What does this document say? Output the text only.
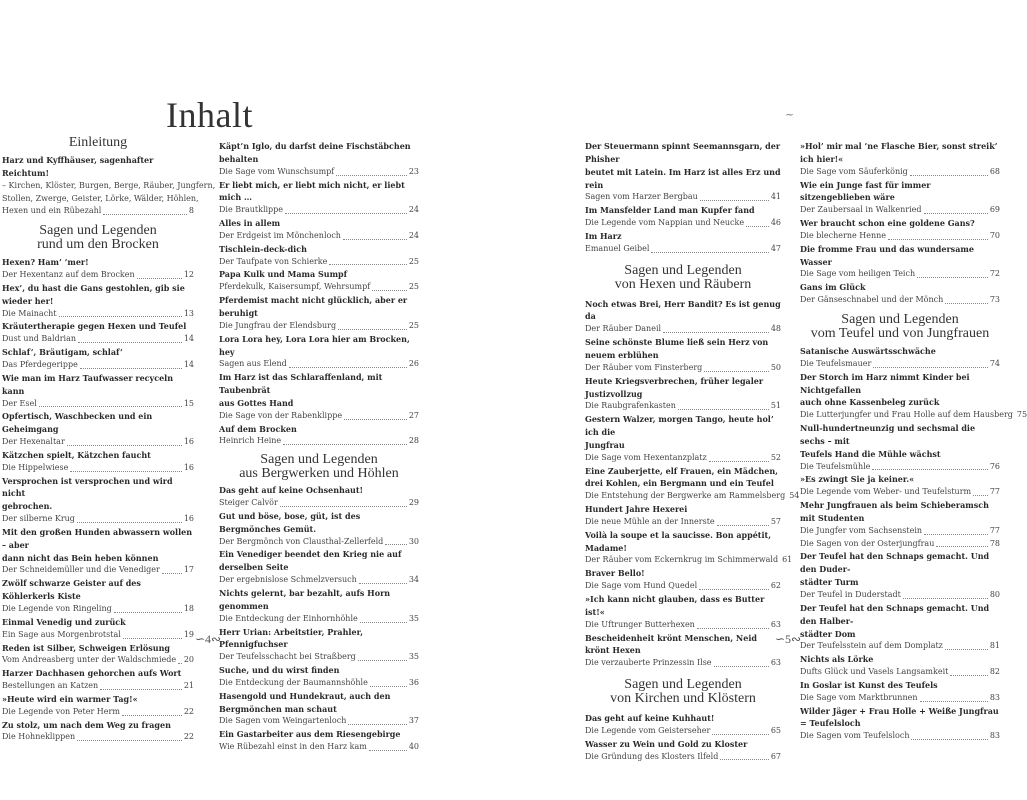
Inhalt	~
Einleitung
Harz und Kyffhäuser, sagenhafter Reichtum!
– Kirchen, Klöster, Burgen, Berge, Räuber, Jungfern,
Stollen, Zwerge, Geister, Lörke, Wälder, Höhlen,
Hexen und ein Rübezahl	8
Sagen und Legenden
rund um den Brocken
Hexen? Ham’ ’mer!
Der Hexentanz auf dem Brocken	12
Hex’, du hast die Gans gestohlen, gib sie wieder her!
Die Mainacht	13
Kräutertherapie gegen Hexen und Teufel
Dust und Baldrian	14
Schlaf’, Bräutigam, schlaf’
Das Pferdegerippe	14
Wie man im Harz Taufwasser recyceln kann
Der Esel	15
Opfertisch, Waschbecken und ein Geheimgang
Der Hexenaltar	16
Kätzchen spielt, Kätzchen faucht
Die Hippelwiese	16
Versprochen ist versprochen und wird nicht
gebrochen.
Der silberne Krug	16
Mit den großen Hunden abwassern wollen – aber
dann nicht das Bein heben können
Der Schneidemüller und die Venediger	17
Zwölf schwarze Geister auf des Köhlerkerls Kiste
Die Legende von Ringeling	18
Einmal Venedig und zurück
Ein Sage aus Morgenbrotstal	19
Reden ist Silber, Schweigen Erlösung
Vom Andreasberg unter der Waldschmiede 20
Harzer Dachhasen gehorchen aufs Wort
Bestellungen an Katzen	21
»Heute wird ein warmer Tag!«
Die Legende von Peter Herm	22
Zu stolz, um nach dem Weg zu fragen
Die Hohneklippen	22
Käpt’n Iglo, du darfst deine Fischstäbchen behalten
Die Sage vom Wunschsumpf	23
Er liebt mich, er liebt mich nicht, er liebt mich …
Die Brautklippe	24
Alles in allem
Der Erdgeist im Mönchenloch	24
Tischlein-deck-dich
Der Taufpate von Schierke	25
Papa Kulk und Mama Sumpf
Pferdekulk, Kaisersumpf, Wehrsumpf	25
Pferdemist macht nicht glücklich, aber er beruhigt
Die Jungfrau der Elendsburg	25
Lora Lora hey, Lora Lora hier am Brocken, hey
Sagen aus Elend	26
Im Harz ist das Schlaraffenland, mit Taubenbrät
aus Gottes Hand
Die Sage von der Rabenklippe	27
Auf dem Brocken
Heinrich Heine	28
Sagen und Legenden
aus Bergwerken und Höhlen
Das geht auf keine Ochsenhaut!
Steiger Calvör	29
Gut und böse, bose, güt, ist des Bergmönches Gemüt.
Der Bergmönch von Clausthal-Zellerfeld	30
Ein Venediger beendet den Krieg nie auf
derselben Seite
Der ergebnislose Schmelzversuch	34
Nichts gelernt, bar bezahlt, aufs Horn genommen
Die Entdeckung der Einhornhöhle	35
Herr Urian: Arbeitstier, Prahler, Pfennigfuchser
Der Teufelsschacht bei Straßberg	35
Suche, und du wirst finden
Die Entdeckung der Baumannshöhle	36
Hasengold und Hundekraut, auch den
Bergmönchen man schaut
Die Sagen vom Weingartenloch	37
Ein Gastarbeiter aus dem Riesengebirge
Wie Rübezahl einst in den Harz kam	40
Der Steuermann spinnt Seemannsgarn, der Phisher
beutet mit Latein. Im Harz ist alles Erz und rein
Sagen vom Harzer Bergbau	41
Im Mansfelder Land man Kupfer fand
Die Legende vom Nappian und Neucke	46
Im Harz
Emanuel Geibel	47
Sagen und Legenden
von Hexen und Räubern
Noch etwas Brei, Herr Bandit? Es ist genug da
Der Räuber Daneil	48
Seine schönste Blume ließ sein Herz von
neuem erblühen
Der Räuber vom Finsterberg	50
Heute Kriegsverbrechen, früher legaler Justizvollzug
Die Raubgrafenkasten	51
Gestern Walzer, morgen Tango, heute hol’ ich die
Jungfrau
Die Sage vom Hexentanzplatz	52
Eine Zauberjette, elf Frauen, ein Mädchen,
drei Kohlen, ein Bergmann und ein Teufel
Die Entstehung der Bergwerke am Rammelsberg 54
Hundert Jahre Hexerei
Die neue Mühle an der Innerste	57
Voilà la soupe et la saucisse. Bon appétit, Madame!
Der Räuber vom Eckernkrug im Schimmerwald 61
Braver Bello!
Die Sage vom Hund Quedel	62
»Ich kann nicht glauben, dass es Butter ist!«
Die Uftrunger Butterhexen	63
Bescheidenheit krönt Menschen, Neid krönt Hexen
Die verzauberte Prinzessin Ilse	63
Sagen und Legenden
von Kirchen und Klöstern
Das geht auf keine Kuhhaut!
Die Legende vom Geisterseher	65
Wasser zu Wein und Gold zu Kloster
Die Gründung des Klosters Ilfeld	67
»Hol’ mir mal ’ne Flasche Bier, sonst streik’ ich hier!«
Die Sage vom Säuferkönig	68
Wie ein Junge fast für immer sitzengeblieben wäre
Der Zaubersaal in Walkenried	69
Wer braucht schon eine goldene Gans?
Die blecherne Henne	70
Die fromme Frau und das wundersame Wasser
Die Sage vom heiligen Teich	72
Gans im Glück
Der Gänseschnabel und der Mönch	73
Sagen und Legenden
vom Teufel und von Jungfrauen
Satanische Auswärtsschwäche
Die Teufelsmauer	74
Der Storch im Harz nimmt Kinder bei Nichtgefallen
auch ohne Kassenbeleg zurück
Die Lutterjungfer und Frau Holle auf dem Hausberg 75
Null-hundertneunzig und sechsmal die sechs – mit
Teufels Hand die Mühle wächst
Die Teufelsmühle	76
»Es zwingt Sie ja keiner.«
Die Legende vom Weber- und Teufelsturm 77
Mehr Jungfrauen als beim Schieberamsch
mit Studenten
Die Jungfer vom Sachsenstein	77
Die Sagen von der Osterjungfrau	78
Der Teufel hat den Schnaps gemacht. Und den Duder-
städter Turm
Der Teufel in Duderstadt	80
Der Teufel hat den Schnaps gemacht. Und den Halber-
städter Dom
Der Teufelsstein auf dem Domplatz	81
Nichts als Lörke
Dufts Glück und Vasels Langsamkeit	82
In Goslar ist Kunst des Teufels
Die Sage vom Marktbrunnen	83
Wilder Jäger + Frau Holle + Weiße Jungfrau
= Teufelsloch
Die Sagen vom Teufelsloch	83
∽4∾	∽5∾
